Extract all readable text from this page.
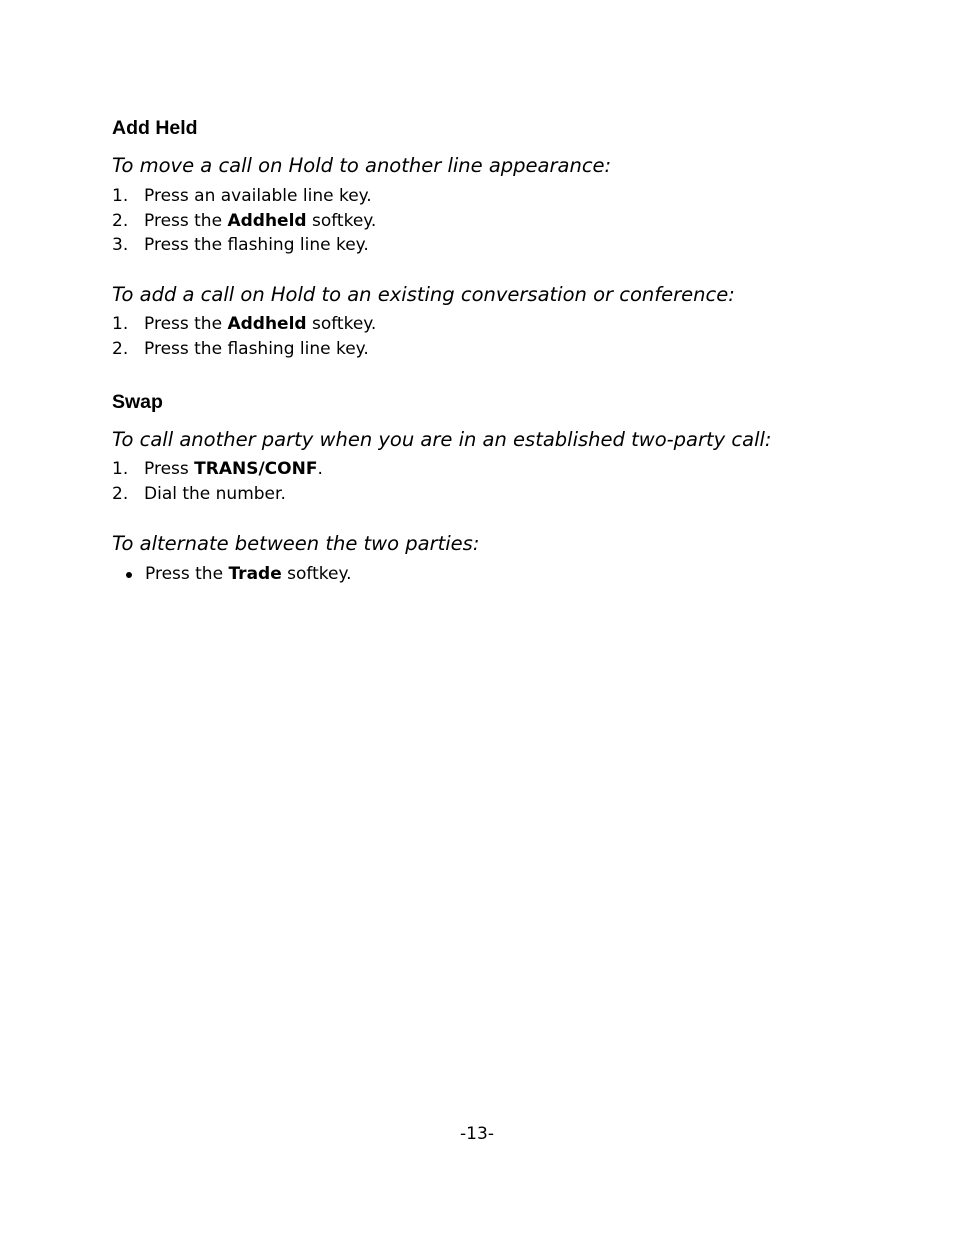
Add Held

To move a call on Hold to another line appearance:

1. Press an available line key.
2. Press the Addheld softkey.
3. Press the flashing line key.

To add a call on Hold to an existing conversation or conference:

1. Press the Addheld softkey.
2. Press the flashing line key.
Swap

To call another party when you are in an established two-party call:

1. Press TRANS/CONF.
2. Dial the number.

To alternate between the two parties:

Press the Trade softkey.
-13-
